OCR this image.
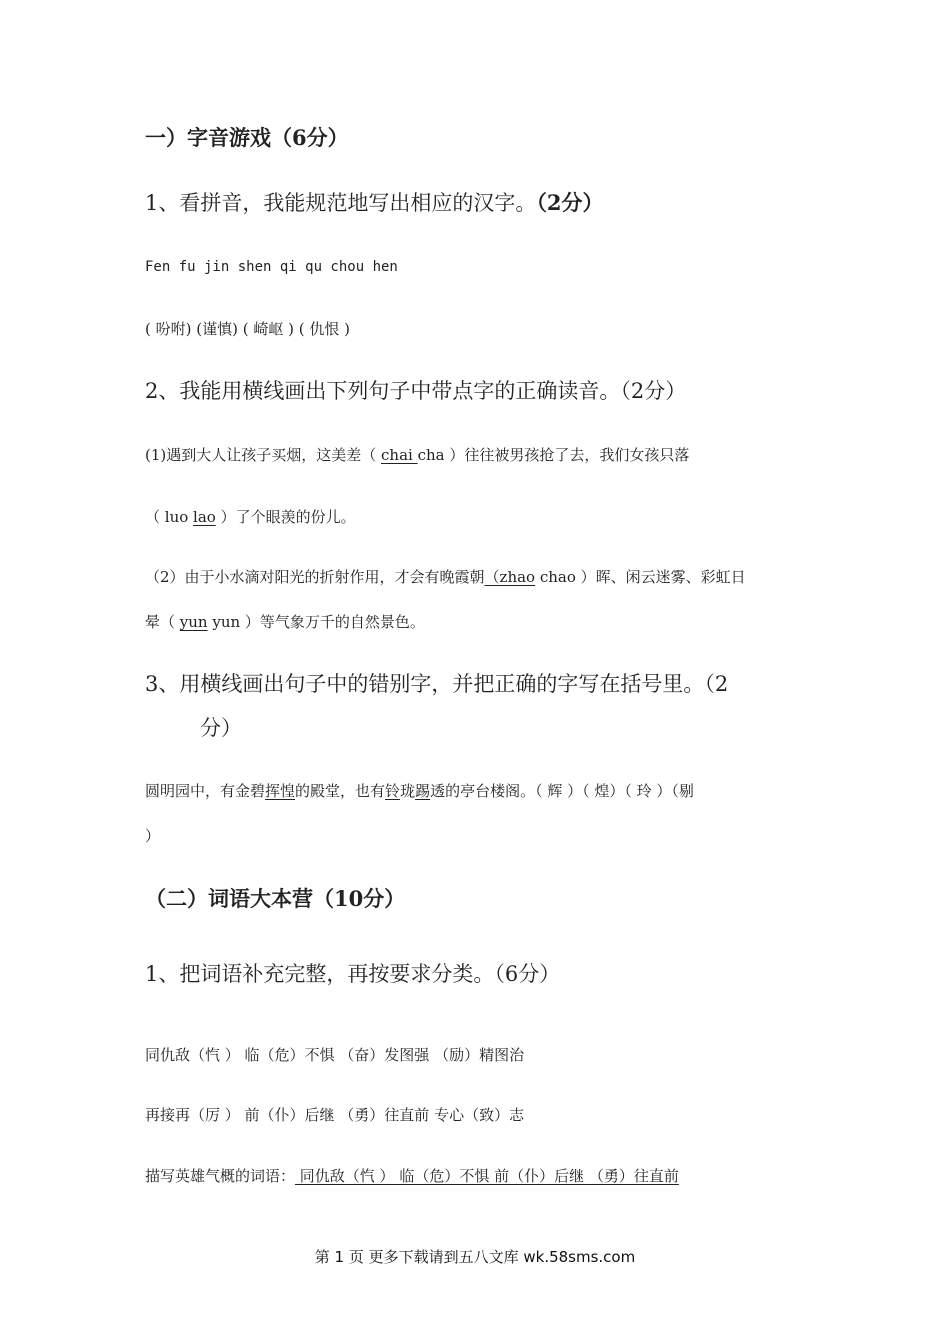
一）字音游戏（6分）
1、看拼音，我能规范地写出相应的汉字。（2分）
Fen fu jin shen qi qu chou hen
( 吩咐) (谨慎) ( 崎岖 ) ( 仇恨 )
2、我能用横线画出下列句子中带点字的正确读音。（2分）
(1)遇到大人让孩子买烟，这美差（ chai cha ）往往被男孩抢了去，我们女孩只落
（ luo lao ）了个眼羡的份儿。
（2）由于小水滴对阳光的折射作用，才会有晚霞朝（zhao chao ）晖、闲云迷雾、彩虹日
晕（ yun yun ）等气象万千的自然景色。
3、用横线画出句子中的错别字，并把正确的字写在括号里。（2
分）
圆明园中，有金碧挥惶的殿堂，也有铃珑踢透的亭台楼阁。（ 辉 ）（ 煌）（ 玲 ）（剔
）
（二）词语大本营（10分）
1、把词语补充完整，再按要求分类。（6分）
同仇敌（忾 ） 临（危）不惧 （奋）发图强 （励）精图治
再接再（厉 ） 前（仆）后继 （勇）往直前 专心（致）志
描写英雄气概的词语： 同仇敌（忾 ） 临（危）不惧 前（仆）后继 （勇）往直前
第 1 页 更多下载请到五八文库 wk.58sms.com
